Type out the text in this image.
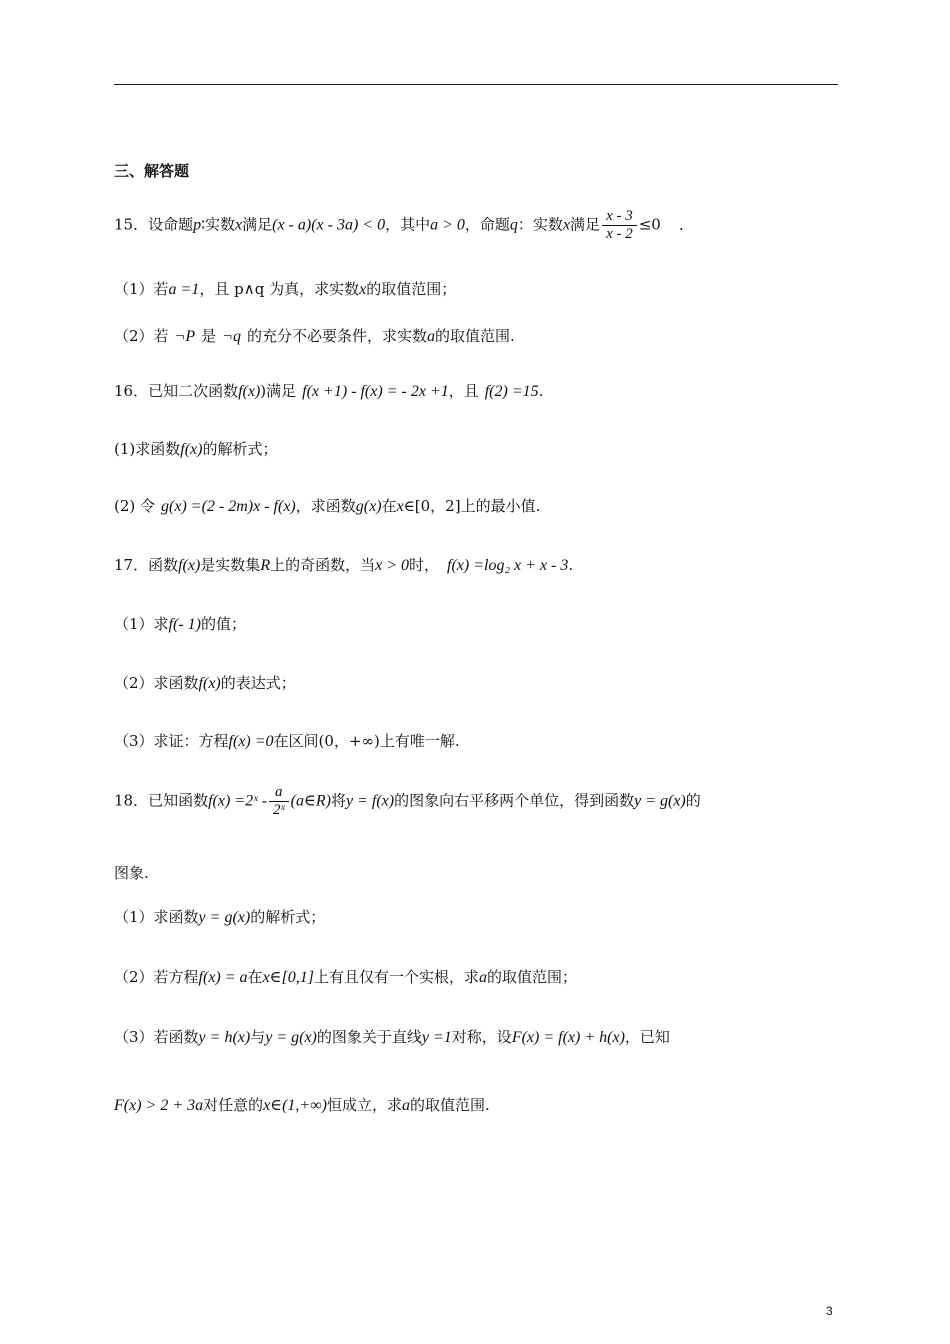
三、解答题
15．设命题p∶实数x满足(x - a)(x - 3a) < 0，其中a > 0，命题q：实数x满足 $\frac{x - 3}{x - 2} \le 0$ .
（1）若a =1，且 p∧q 为真，求实数x的取值范围；
（2）若 ¬P 是 ¬q 的充分不必要条件，求实数a的取值范围.
16．已知二次函数f(x))满足 f(x +1) - f(x) = - 2x +1，且 f(2) =15.
(1)求函数f(x)的解析式；
(2) 令 g(x) =(2 - 2m)x - f(x)，求函数g(x)在x∈[0，2]上的最小值.
17．函数f(x)是实数集R上的奇函数，当x > 0时， f(x) =log₂ x + x - 3.
（1）求f(- 1)的值；
（2）求函数f(x)的表达式；
（3）求证：方程f(x) =0在区间(0，+∞)上有唯一解.
18．已知函数f(x) =2ˣ - $\frac{a}{\text{2ˣ}}$ (a∈R)将y = f(x)的图象向右平移两个单位，得到函数y = g(x)的
图象.
（1）求函数y = g(x)的解析式；
（2）若方程f(x) = a在x∈[0,1]上有且仅有一个实根，求a的取值范围；
（3）若函数y = h(x)与y = g(x)的图象关于直线y =1对称，设F(x) = f(x) + h(x)，已知
F(x) > 2 + 3a对任意的x∈(1,+∞)恒成立，求a的取值范围.
3
